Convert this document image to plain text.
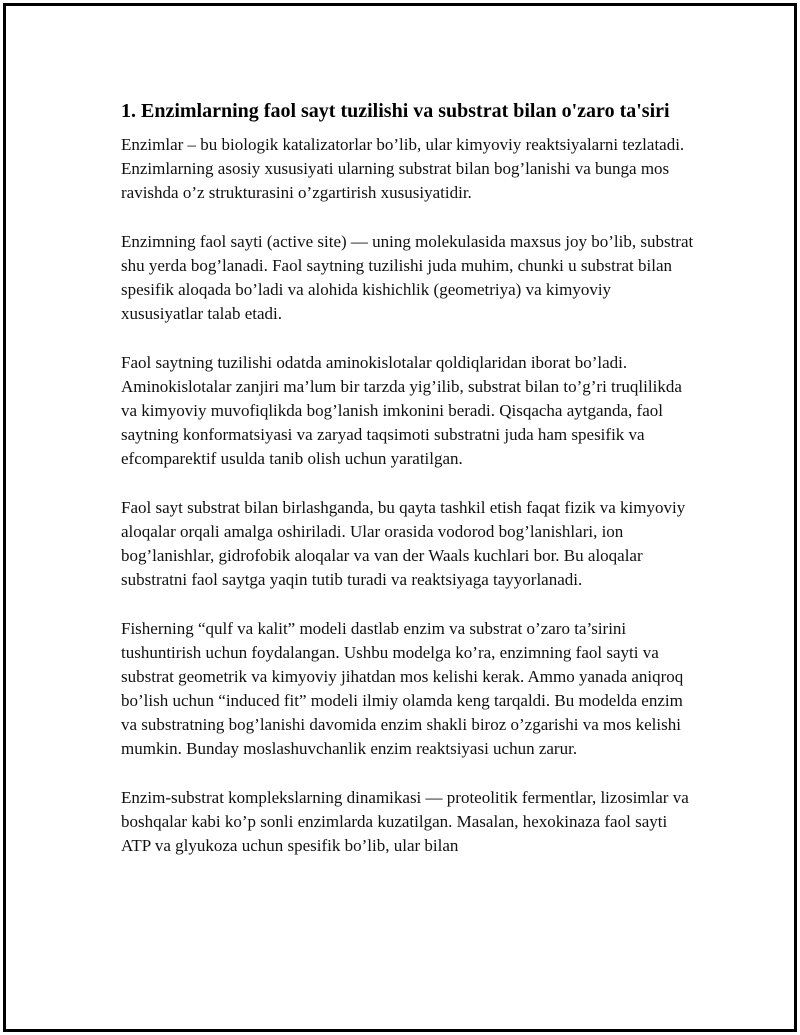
1. Enzimlarning faol sayt tuzilishi va substrat bilan o'zaro ta'siri

Enzimlar – bu biologik katalizatorlar bo’lib, ular kimyoviy reaktsiyalarni tezlatadi. Enzimlarning asosiy xususiyati ularning substrat bilan bog’lanishi va bunga mos ravishda o’z strukturasini o’zgartirish xususiyatidir.

Enzimning faol sayti (active site) — uning molekulasida maxsus joy bo’lib, substrat shu yerda bog’lanadi. Faol saytning tuzilishi juda muhim, chunki u substrat bilan spesifik aloqada bo’ladi va alohida kishichlik (geometriya) va kimyoviy xususiyatlar talab etadi.

Faol saytning tuzilishi odatda aminokislotalar qoldiqlaridan iborat bo’ladi. Aminokislotalar zanjiri ma’lum bir tarzda yig’ilib, substrat bilan to’g’ri truqlilikda va kimyoviy muvofiqlikda bog’lanish imkonini beradi. Qisqacha aytganda, faol saytning konformatsiyasi va zaryad taqsimoti substratni juda ham spesifik va efcomparektif usulda tanib olish uchun yaratilgan.

Faol sayt substrat bilan birlashganda, bu qayta tashkil etish faqat fizik va kimyoviy aloqalar orqali amalga oshiriladi. Ular orasida vodorod bog’lanishlari, ion bog’lanishlar, gidrofobik aloqalar va van der Waals kuchlari bor. Bu aloqalar substratni faol saytga yaqin tutib turadi va reaktsiyaga tayyorlanadi.

Fisherning “qulf va kalit” modeli dastlab enzim va substrat o’zaro ta’sirini tushuntirish uchun foydalangan. Ushbu modelga ko’ra, enzimning faol sayti va substrat geometrik va kimyoviy jihatdan mos kelishi kerak. Ammo yanada aniqroq bo’lish uchun “induced fit” modeli ilmiy olamda keng tarqaldi. Bu modelda enzim va substratning bog’lanishi davomida enzim shakli biroz o’zgarishi va mos kelishi mumkin. Bunday moslashuvchanlik enzim reaktsiyasi uchun zarur.

Enzim-substrat komplekslarning dinamikasi — proteolitik fermentlar, lizosimlar va boshqalar kabi ko’p sonli enzimlarda kuzatilgan. Masalan, hexokinaza faol sayti ATP va glyukoza uchun spesifik bo’lib, ular bilan
